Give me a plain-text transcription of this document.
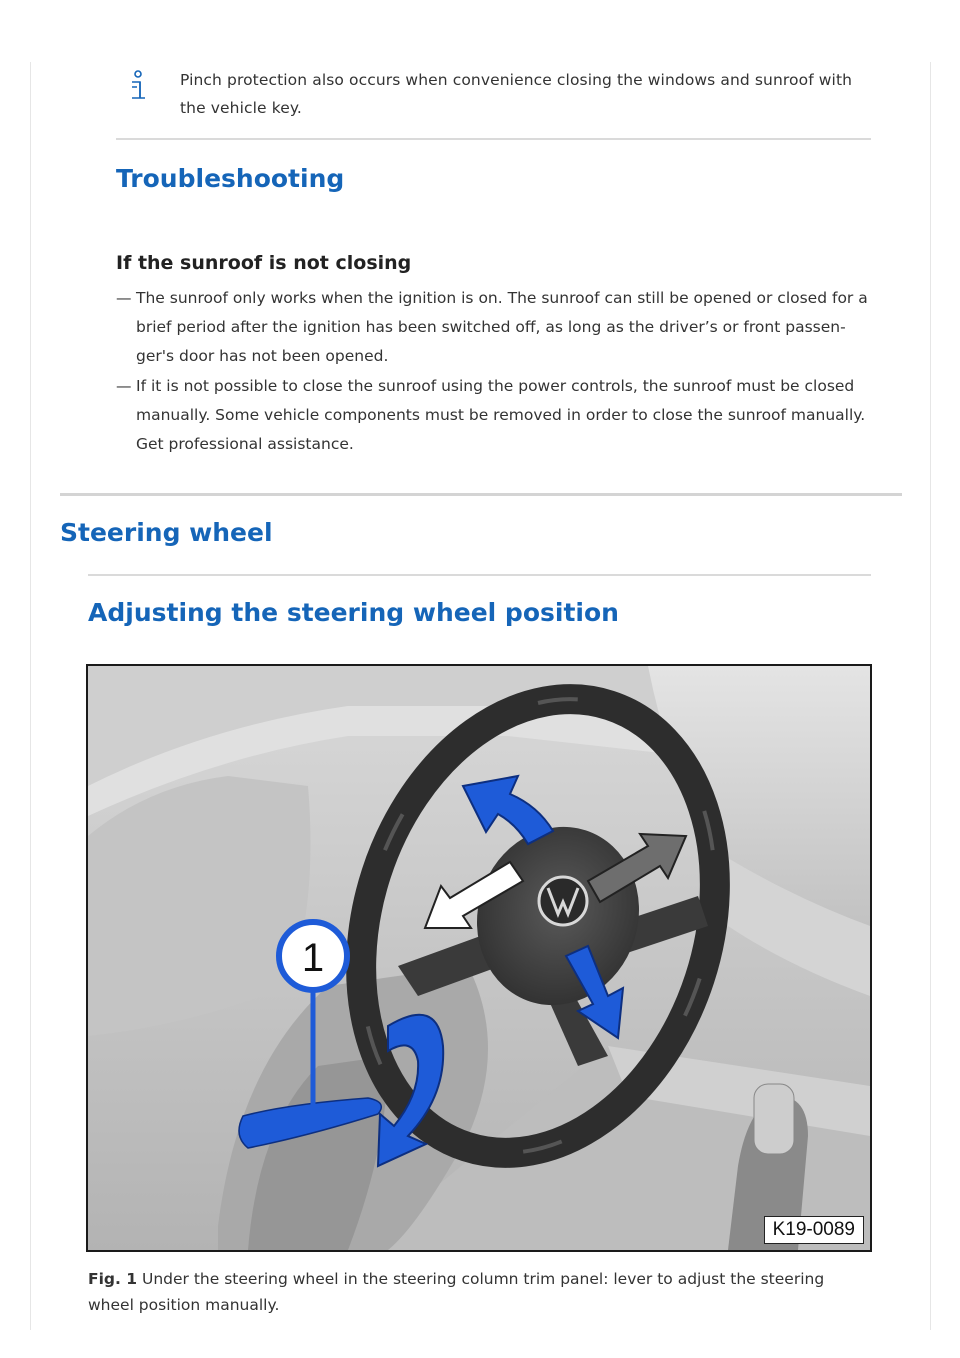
Pinch protection also occurs when convenience closing the windows and sunroof with the vehicle key.
Troubleshooting
If the sunroof is not closing
— The sunroof only works when the ignition is on. The sunroof can still be opened or closed for a brief period after the ignition has been switched off, as long as the driver’s or front passen-ger's door has not been opened.
— If it is not possible to close the sunroof using the power controls, the sunroof must be closed manually. Some vehicle components must be removed in order to close the sunroof manually. Get professional assistance.
Steering wheel
Adjusting the steering wheel position
1
K19-0089
Fig. 1 Under the steering wheel in the steering column trim panel: lever to adjust the steering wheel position manually.
